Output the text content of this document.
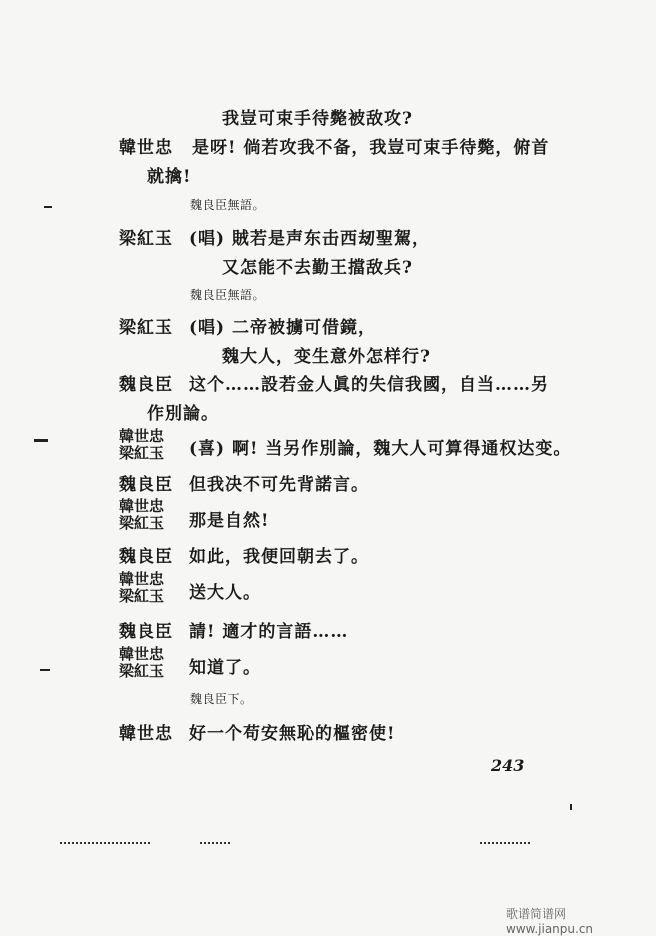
我豈可束手待斃被敌攻?
韓世忠 是呀! 倘若攻我不备，我豈可束手待斃，俯首
就擒!
魏良臣無語。
梁紅玉 (唱) 賊若是声东击西刼聖駕，
又怎能不去勤王擋敌兵?
魏良臣無語。
梁紅玉 (唱) 二帝被擄可借鏡，
魏大人，变生意外怎样行?
魏良臣 这个……設若金人眞的失信我國，自当……另
作別論。
韓世忠
梁紅玉 (喜) 啊! 当另作別論，魏大人可算得通权达变。
魏良臣 但我决不可先背諾言。
韓世忠
梁紅玉 那是自然!
魏良臣 如此，我便回朝去了。
韓世忠
梁紅玉 送大人。
魏良臣 請! 適才的言語……
韓世忠
梁紅玉 知道了。
魏良臣下。
韓世忠 好一个苟安無恥的樞密使!
243
歌谱简谱网 www.jianpu.cn
